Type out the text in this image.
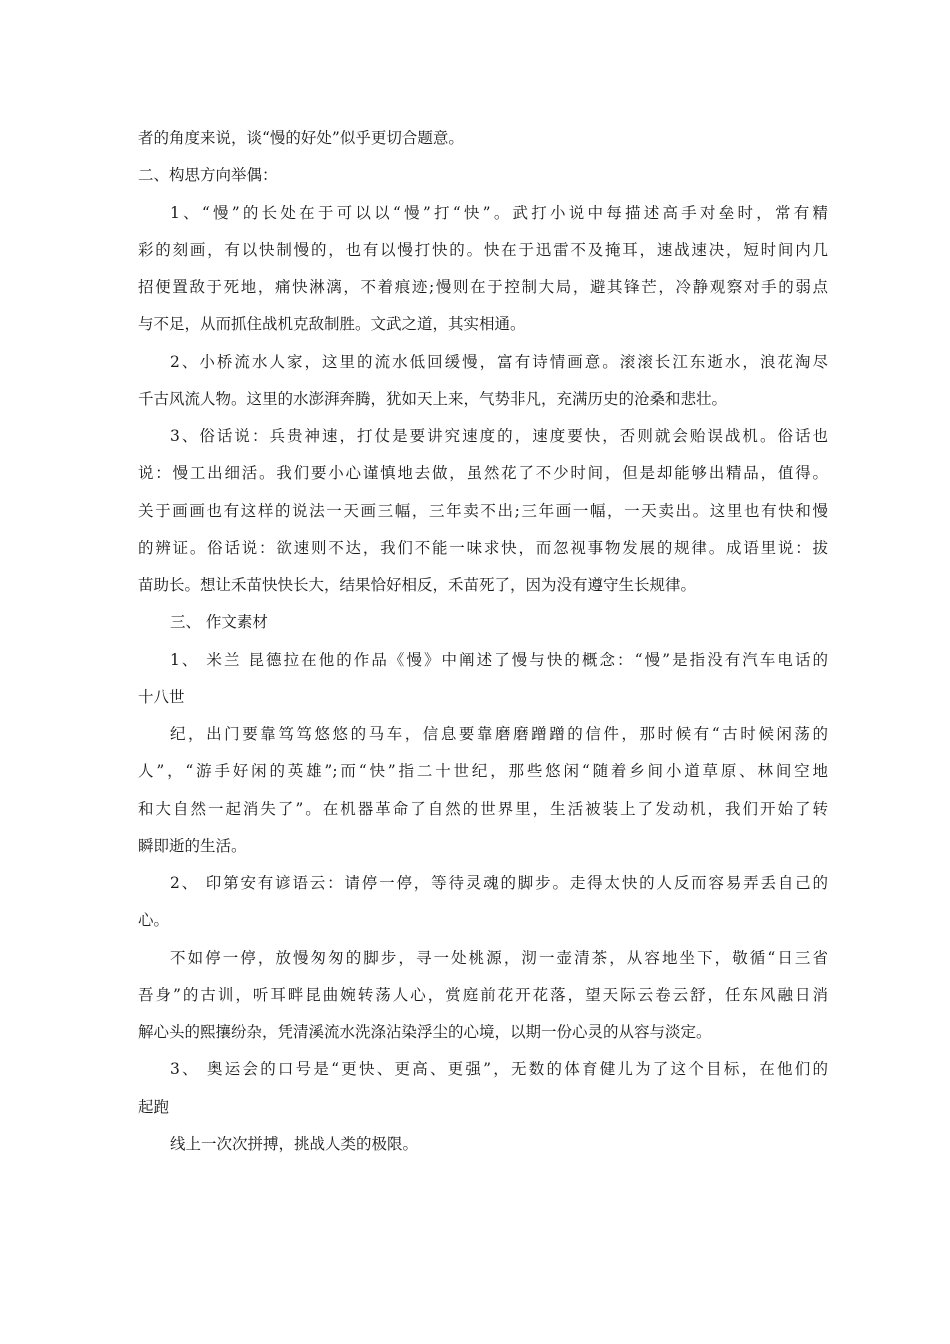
者的角度来说，谈“慢的好处”似乎更切合题意。

二、构思方向举偶：

1、“慢”的长处在于可以以“慢”打“快”。武打小说中每描述高手对垒时，常有精

彩的刻画，有以快制慢的，也有以慢打快的。快在于迅雷不及掩耳，速战速决，短时间内几

招便置敌于死地，痛快淋漓，不着痕迹;慢则在于控制大局，避其锋芒，冷静观察对手的弱点

与不足，从而抓住战机克敌制胜。文武之道，其实相通。

2、小桥流水人家，这里的流水低回缓慢，富有诗情画意。滚滚长江东逝水，浪花淘尽

千古风流人物。这里的水澎湃奔腾，犹如天上来，气势非凡，充满历史的沧桑和悲壮。

3、俗话说：兵贵神速，打仗是要讲究速度的，速度要快，否则就会贻误战机。俗话也

说：慢工出细活。我们要小心谨慎地去做，虽然花了不少时间，但是却能够出精品，值得。

关于画画也有这样的说法一天画三幅，三年卖不出;三年画一幅，一天卖出。这里也有快和慢

的辨证。俗话说：欲速则不达，我们不能一味求快，而忽视事物发展的规律。成语里说：拔

苗助长。想让禾苗快快长大，结果恰好相反，禾苗死了，因为没有遵守生长规律。

三、 作文素材

1、 米兰 昆德拉在他的作品《慢》中阐述了慢与快的概念：“慢”是指没有汽车电话的

十八世

纪，出门要靠笃笃悠悠的马车，信息要靠磨磨蹭蹭的信件，那时候有“古时候闲荡的

人”，“游手好闲的英雄”;而“快”指二十世纪，那些悠闲“随着乡间小道草原、林间空地

和大自然一起消失了”。在机器革命了自然的世界里，生活被装上了发动机，我们开始了转

瞬即逝的生活。

2、 印第安有谚语云：请停一停，等待灵魂的脚步。走得太快的人反而容易弄丢自己的

心。

不如停一停，放慢匆匆的脚步，寻一处桃源，沏一壶清茶，从容地坐下，敬循“日三省

吾身”的古训，听耳畔昆曲婉转荡人心，赏庭前花开花落，望天际云卷云舒，任东风融日消

解心头的熙攘纷杂，凭清溪流水洗涤沾染浮尘的心境，以期一份心灵的从容与淡定。

3、 奥运会的口号是“更快、更高、更强”，无数的体育健儿为了这个目标，在他们的

起跑

线上一次次拼搏，挑战人类的极限。
